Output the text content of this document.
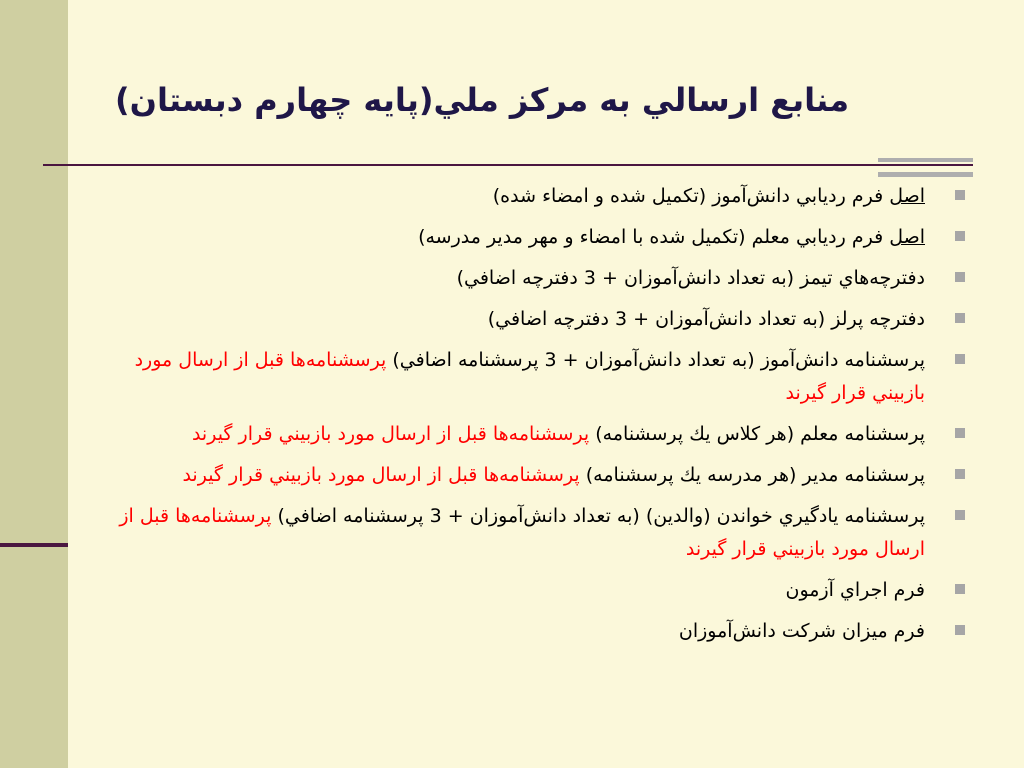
منابع ارسالي به مركز ملي(پايه چهارم دبستان)
اصل فرم رديابي دانش‌آموز (تكميل شده و امضاء شده)
اصل فرم رديابي معلم (تكميل شده با امضاء و مهر مدير مدرسه)
دفترچه‌هاي تيمز (به تعداد دانش‌آموزان + 3 دفترچه اضافي)
دفترچه پرلز (به تعداد دانش‌آموزان + 3 دفترچه اضافي)
پرسشنامه دانش‌آموز (به تعداد دانش‌آموزان + 3 پرسشنامه اضافي) پرسشنامه‌ها قبل از ارسال مورد بازبيني قرار گيرند
پرسشنامه معلم (هر كلاس يك پرسشنامه) پرسشنامه‌ها قبل از ارسال مورد بازبيني قرار گيرند
پرسشنامه مدير (هر مدرسه يك پرسشنامه) پرسشنامه‌ها قبل از ارسال مورد بازبيني قرار گيرند
پرسشنامه يادگيري خواندن (والدين) (به تعداد دانش‌آموزان + 3 پرسشنامه اضافي) پرسشنامه‌ها قبل از ارسال مورد بازبيني قرار گيرند
فرم اجراي آزمون
فرم ميزان شركت دانش‌آموزان
